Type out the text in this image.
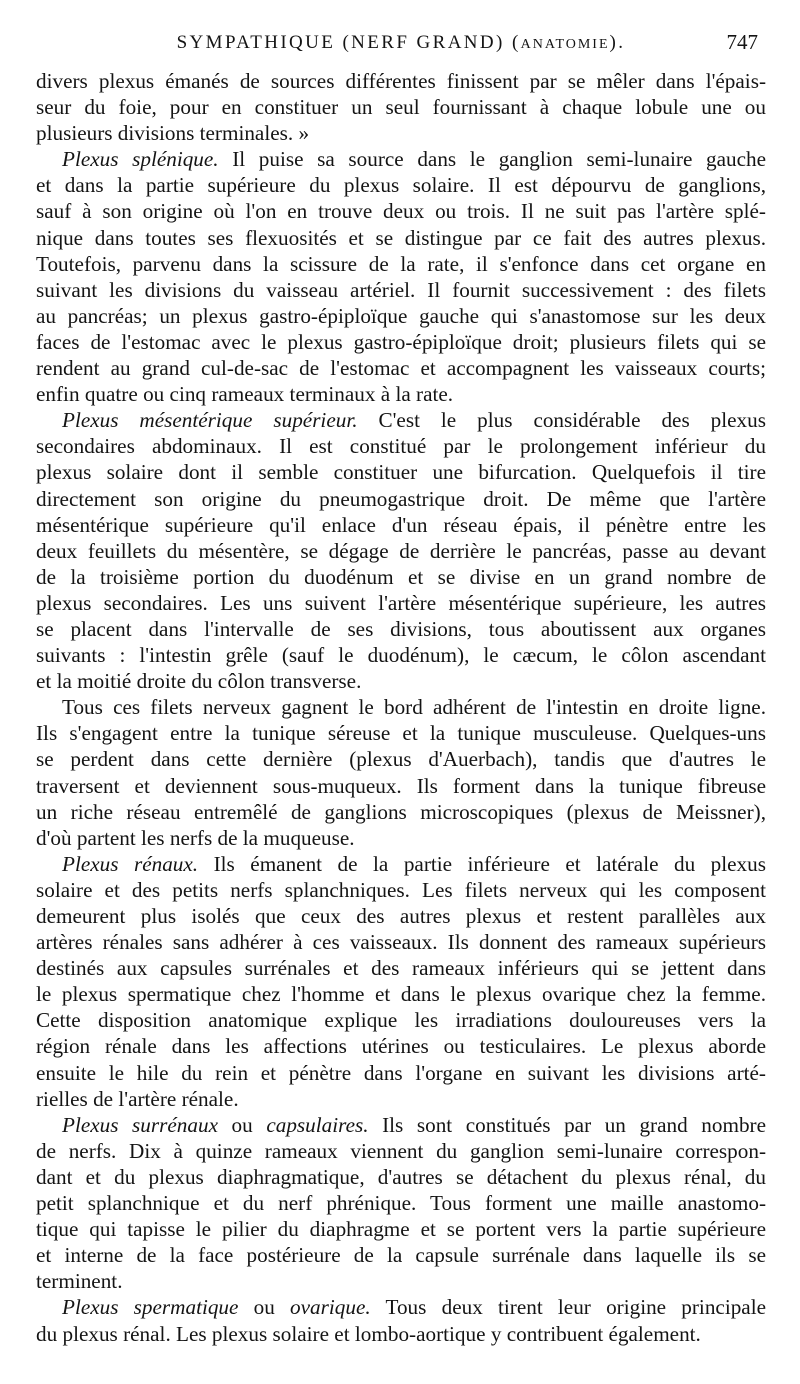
SYMPATHIQUE (NERF GRAND) (ANATOMIE).	747
divers plexus émanés de sources différentes finissent par se mêler dans l'épais-
seur du foie, pour en constituer un seul fournissant à chaque lobule une ou
plusieurs divisions terminales. »
Plexus splénique. Il puise sa source dans le ganglion semi-lunaire gauche
et dans la partie supérieure du plexus solaire. Il est dépourvu de ganglions,
sauf à son origine où l'on en trouve deux ou trois. Il ne suit pas l'artère splé-
nique dans toutes ses flexuosités et se distingue par ce fait des autres plexus.
Toutefois, parvenu dans la scissure de la rate, il s'enfonce dans cet organe en
suivant les divisions du vaisseau artériel. Il fournit successivement : des filets
au pancréas; un plexus gastro-épiploïque gauche qui s'anastomose sur les deux
faces de l'estomac avec le plexus gastro-épiploïque droit; plusieurs filets qui se
rendent au grand cul-de-sac de l'estomac et accompagnent les vaisseaux courts;
enfin quatre ou cinq rameaux terminaux à la rate.
Plexus mésentérique supérieur. C'est le plus considérable des plexus
secondaires abdominaux. Il est constitué par le prolongement inférieur du
plexus solaire dont il semble constituer une bifurcation. Quelquefois il tire
directement son origine du pneumogastrique droit. De même que l'artère
mésentérique supérieure qu'il enlace d'un réseau épais, il pénètre entre les
deux feuillets du mésentère, se dégage de derrière le pancréas, passe au devant
de la troisième portion du duodénum et se divise en un grand nombre de
plexus secondaires. Les uns suivent l'artère mésentérique supérieure, les autres
se placent dans l'intervalle de ses divisions, tous aboutissent aux organes
suivants : l'intestin grêle (sauf le duodénum), le cæcum, le côlon ascendant
et la moitié droite du côlon transverse.
Tous ces filets nerveux gagnent le bord adhérent de l'intestin en droite ligne.
Ils s'engagent entre la tunique séreuse et la tunique musculeuse. Quelques-uns
se perdent dans cette dernière (plexus d'Auerbach), tandis que d'autres le
traversent et deviennent sous-muqueux. Ils forment dans la tunique fibreuse
un riche réseau entremêlé de ganglions microscopiques (plexus de Meissner),
d'où partent les nerfs de la muqueuse.
Plexus rénaux. Ils émanent de la partie inférieure et latérale du plexus
solaire et des petits nerfs splanchniques. Les filets nerveux qui les composent
demeurent plus isolés que ceux des autres plexus et restent parallèles aux
artères rénales sans adhérer à ces vaisseaux. Ils donnent des rameaux supérieurs
destinés aux capsules surrénales et des rameaux inférieurs qui se jettent dans
le plexus spermatique chez l'homme et dans le plexus ovarique chez la femme.
Cette disposition anatomique explique les irradiations douloureuses vers la
région rénale dans les affections utérines ou testiculaires. Le plexus aborde
ensuite le hile du rein et pénètre dans l'organe en suivant les divisions arté-
rielles de l'artère rénale.
Plexus surrénaux ou capsulaires. Ils sont constitués par un grand nombre
de nerfs. Dix à quinze rameaux viennent du ganglion semi-lunaire correspon-
dant et du plexus diaphragmatique, d'autres se détachent du plexus rénal, du
petit splanchnique et du nerf phrénique. Tous forment une maille anastomo-
tique qui tapisse le pilier du diaphragme et se portent vers la partie supérieure
et interne de la face postérieure de la capsule surrénale dans laquelle ils se
terminent.
Plexus spermatique ou ovarique. Tous deux tirent leur origine principale
du plexus rénal. Les plexus solaire et lombo-aortique y contribuent également.
